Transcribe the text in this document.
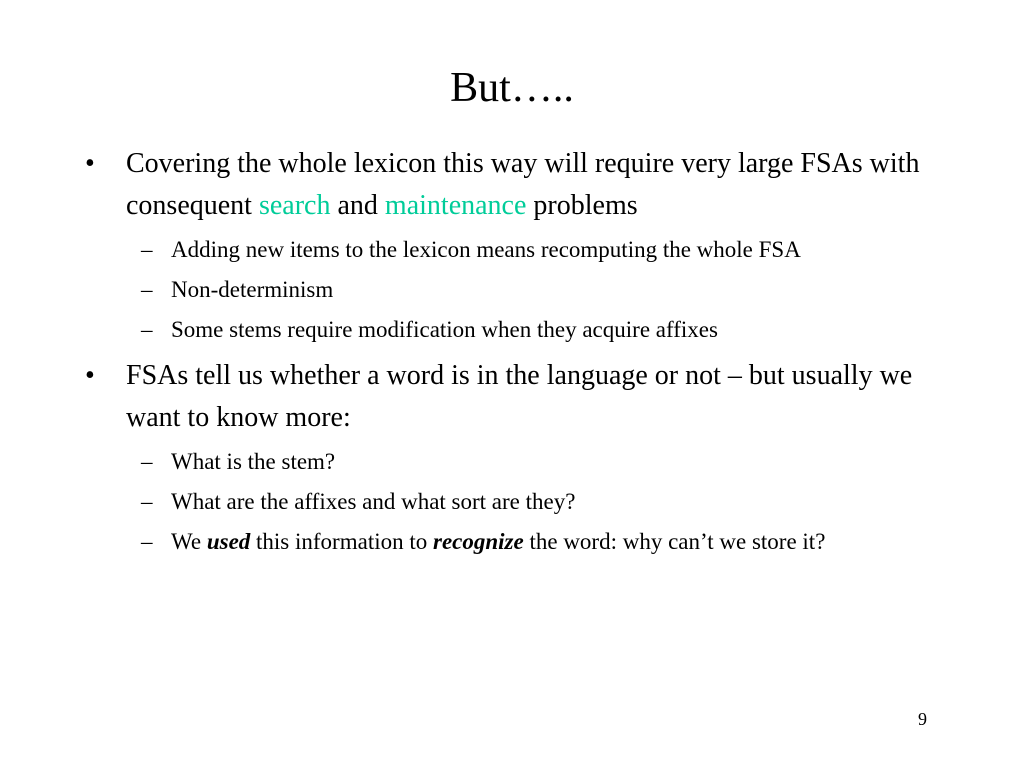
But…..
• Covering the whole lexicon this way will require very large FSAs with consequent search and maintenance problems
– Adding new items to the lexicon means recomputing the whole FSA
– Non-determinism
– Some stems require modification when they acquire affixes
• FSAs tell us whether a word is in the language or not – but usually we want to know more:
– What is the stem?
– What are the affixes and what sort are they?
– We used this information to recognize the word: why can’t we store it?
9
